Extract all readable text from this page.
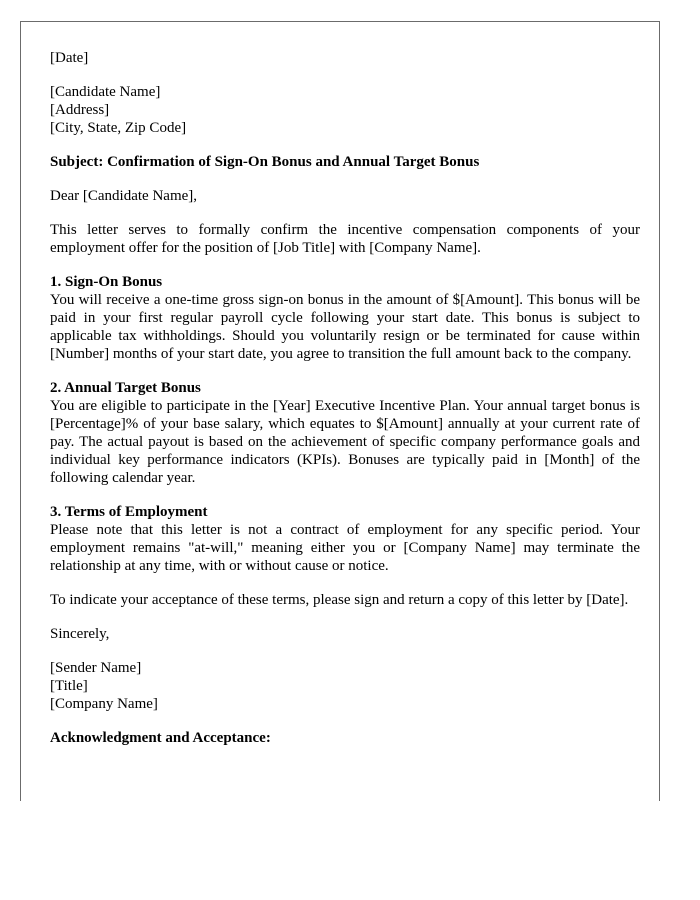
[Date]

[Candidate Name]
[Address]
[City, State, Zip Code]

Subject: Confirmation of Sign-On Bonus and Annual Target Bonus

Dear [Candidate Name],

This letter serves to formally confirm the incentive compensation components of your employment offer for the position of [Job Title] with [Company Name].

1. Sign-On Bonus
You will receive a one-time gross sign-on bonus in the amount of $[Amount]. This bonus will be paid in your first regular payroll cycle following your start date. This bonus is subject to applicable tax withholdings. Should you voluntarily resign or be terminated for cause within [Number] months of your start date, you agree to transition the full amount back to the company.

2. Annual Target Bonus
You are eligible to participate in the [Year] Executive Incentive Plan. Your annual target bonus is [Percentage]% of your base salary, which equates to $[Amount] annually at your current rate of pay. The actual payout is based on the achievement of specific company performance goals and individual key performance indicators (KPIs). Bonuses are typically paid in [Month] of the following calendar year.

3. Terms of Employment
Please note that this letter is not a contract of employment for any specific period. Your employment remains "at-will," meaning either you or [Company Name] may terminate the relationship at any time, with or without cause or notice.

To indicate your acceptance of these terms, please sign and return a copy of this letter by [Date].

Sincerely,

[Sender Name]
[Title]
[Company Name]

Acknowledgment and Acceptance:
